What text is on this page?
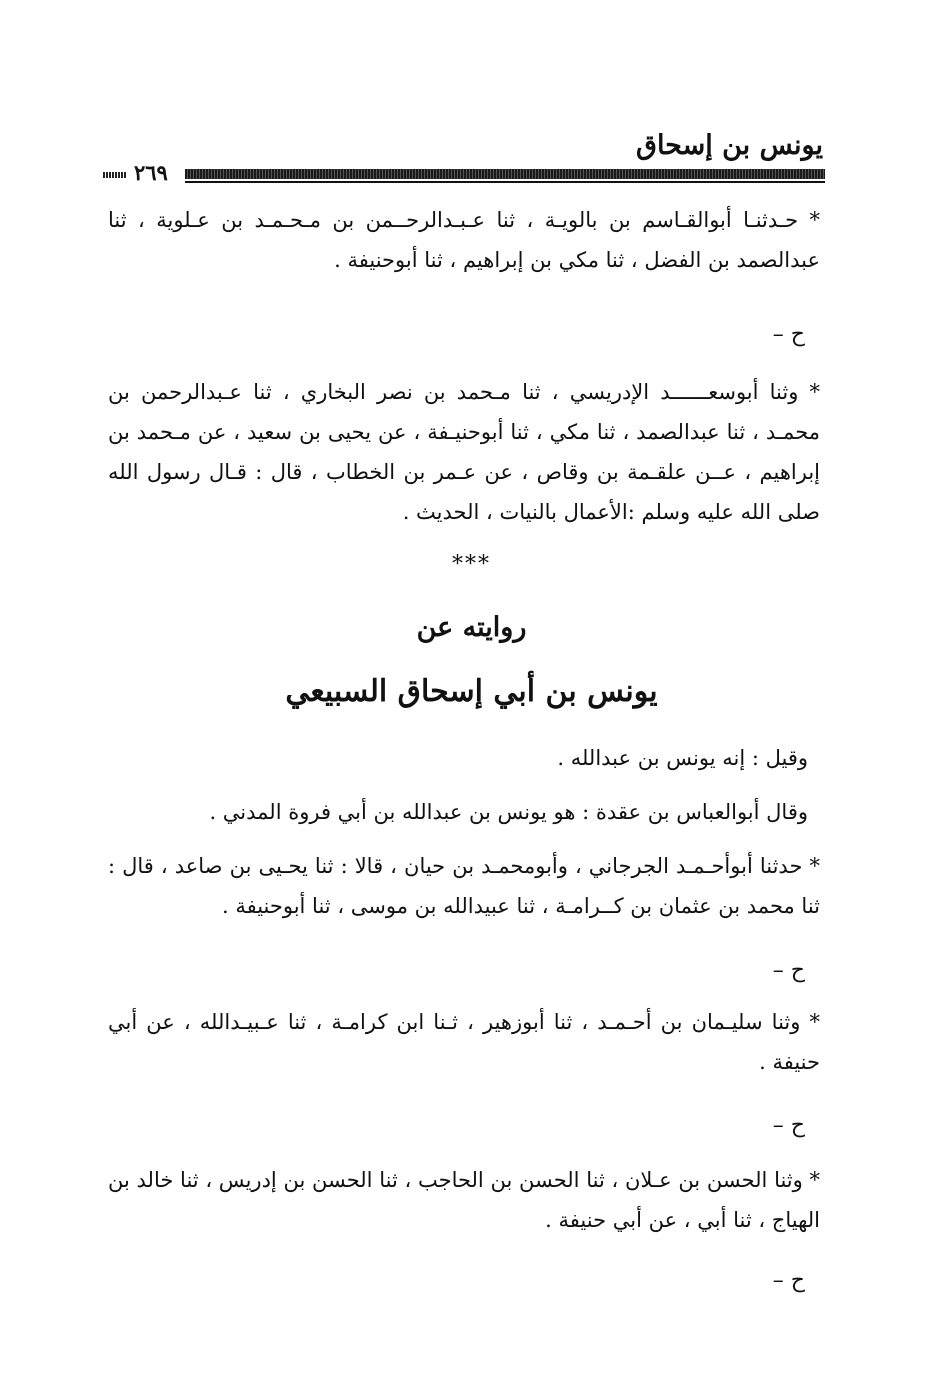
يونس بن إسحاق
٢٦٩

* حـدثنـا أبوالقـاسم بن بالويـة ، ثنا عـبـدالرحــمن بن مـحـمـد بن عـلوية ، ثنا عبدالصمد بن الفضل ، ثنا مكي بن إبراهيم ، ثنا أبوحنيفة .

ح –

* وثنا أبوسعــــــد الإدريسي ، ثنا مـحمد بن نصر البخاري ، ثنا عـبدالرحمن بن محمـد ، ثنا عبدالصمد ، ثنا مكي ، ثنا أبوحنيـفة ، عن يحيى بن سعيد ، عن مـحمد بن إبراهيم ، عــن علقـمة بن وقاص ، عن عـمر بن الخطاب ، قال : قـال رسول الله صلى الله عليه وسلم :الأعمال بالنيات ، الحديث .

***
روايته عن
يونس بن أبي إسحاق السبيعي

وقيل : إنه يونس بن عبدالله .

وقال أبوالعباس بن عقدة : هو يونس بن عبدالله بن أبي فروة المدني .

* حدثنا أبوأحـمـد الجرجاني ، وأبومحمـد بن حيان ، قالا : ثنا يحـيى بن صاعد ، قال : ثنا محمد بن عثمان بن كــرامـة ، ثنا عبيدالله بن موسى ، ثنا أبوحنيفة .

ح –

* وثنا سليـمان بن أحـمـد ، ثنا أبوزهير ، ثـنا ابن كرامـة ، ثنا عـبيـدالله ، عن أبي حنيفة .

ح –

* وثنا الحسن بن عـلان ، ثنا الحسن بن الحاجب ، ثنا الحسن بن إدريس ، ثنا خالد بن الهياج ، ثنا أبي ، عن أبي حنيفة .

ح –
